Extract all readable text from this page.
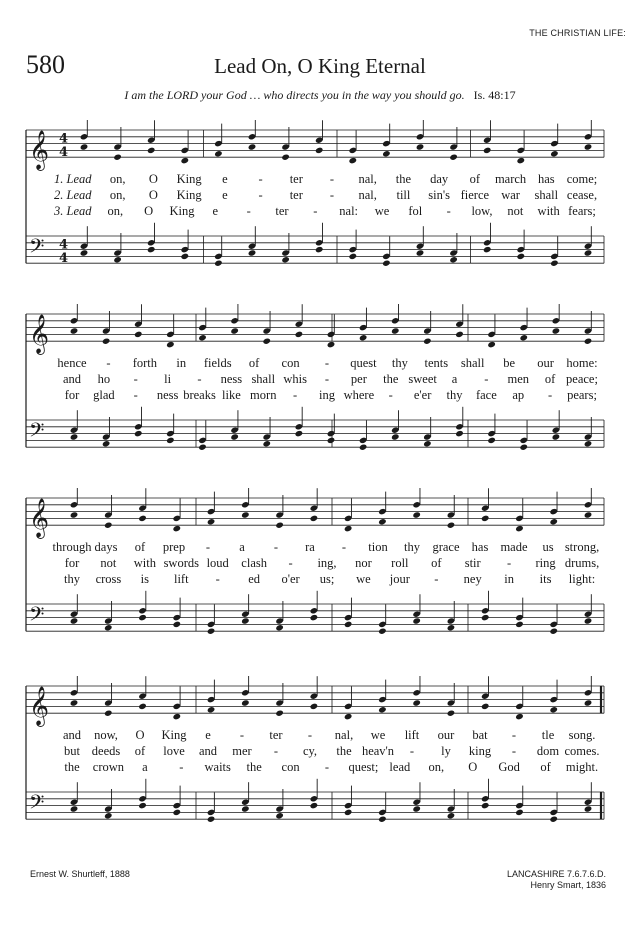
THE CHRISTIAN LIFE:
580	Lead On, O King Eternal
I am the LORD your God … who directs you in the way you should go. Is. 48:17
𝄞
𝄢
4
4
4
4
1. Lead on, O King e - ter - nal, the day of march has come;
2. Lead on, O King e - ter - nal, till sin's fierce war shall cease,
3. Lead on, O King e - ter - nal: we fol - low, not with fears;
𝄞
𝄢
hence - forth in fields of con - quest thy tents shall be our home:
and ho - li - ness shall whis - per the sweet a - men of peace;
for glad - ness breaks like morn - ing where - e'er thy face ap - pears;
𝄞
𝄢
through days of prep - a - ra - tion thy grace has made us strong,
for not with swords loud clash - ing, nor roll of stir - ring drums,
thy cross is lift - ed o'er us; we jour - ney in its light:
𝄞
𝄢
and now, O King e - ter - nal, we lift our bat - tle song.
but deeds of love and mer - cy, the heav'n - ly king - dom comes.
the crown a	- waits the con - quest; lead on, O God of might.
Ernest W. Shurtleff, 1888	LANCASHIRE 7.6.7.6.D.
Henry Smart, 1836
